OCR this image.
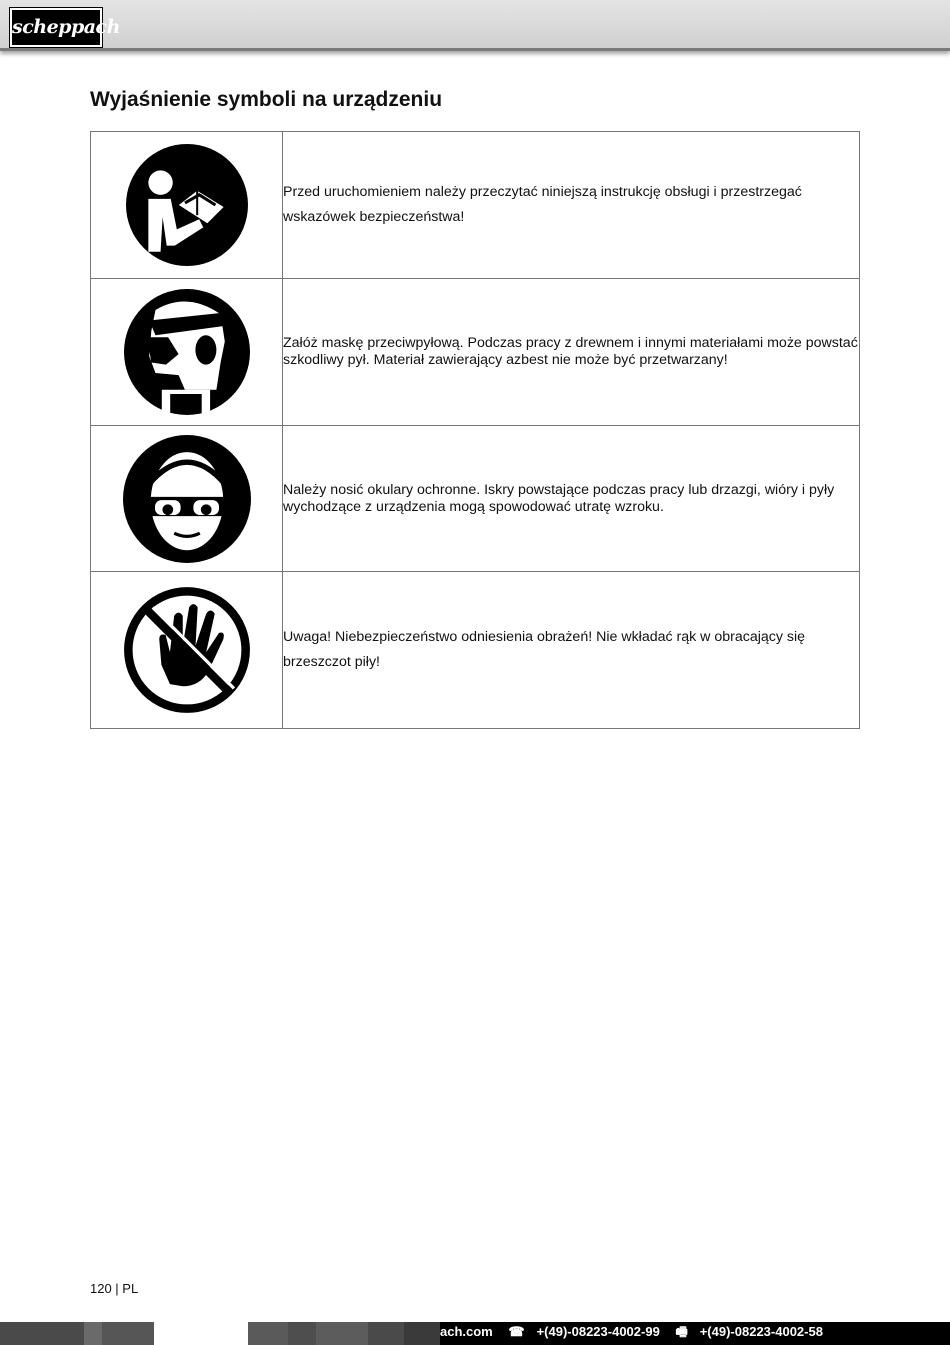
scheppach
Wyjaśnienie symboli na urządzeniu
	Przed uruchomieniem należy przeczytać niniejszą instrukcję obsługi i przestrzegać wskazówek bezpieczeństwa!

	Załóż maskę przeciwpyłową. Podczas pracy z drewnem i innymi materiałami może powstać szkodliwy pył. Materiał zawierający azbest nie może być przetwarzany!

	Należy nosić okulary ochronne. Iskry powstające podczas pracy lub drzazgi, wióry i pyły wychodzące z urządzenia mogą spowodować utratę wzroku.

	Uwaga! Niebezpieczeństwo odniesienia obrażeń! Nie wkładać rąk w obracający się brzeszczot piły!
120 | PL
ach.com ☎ +(49)-08223-4002-99 🖷 +(49)-08223-4002-58
